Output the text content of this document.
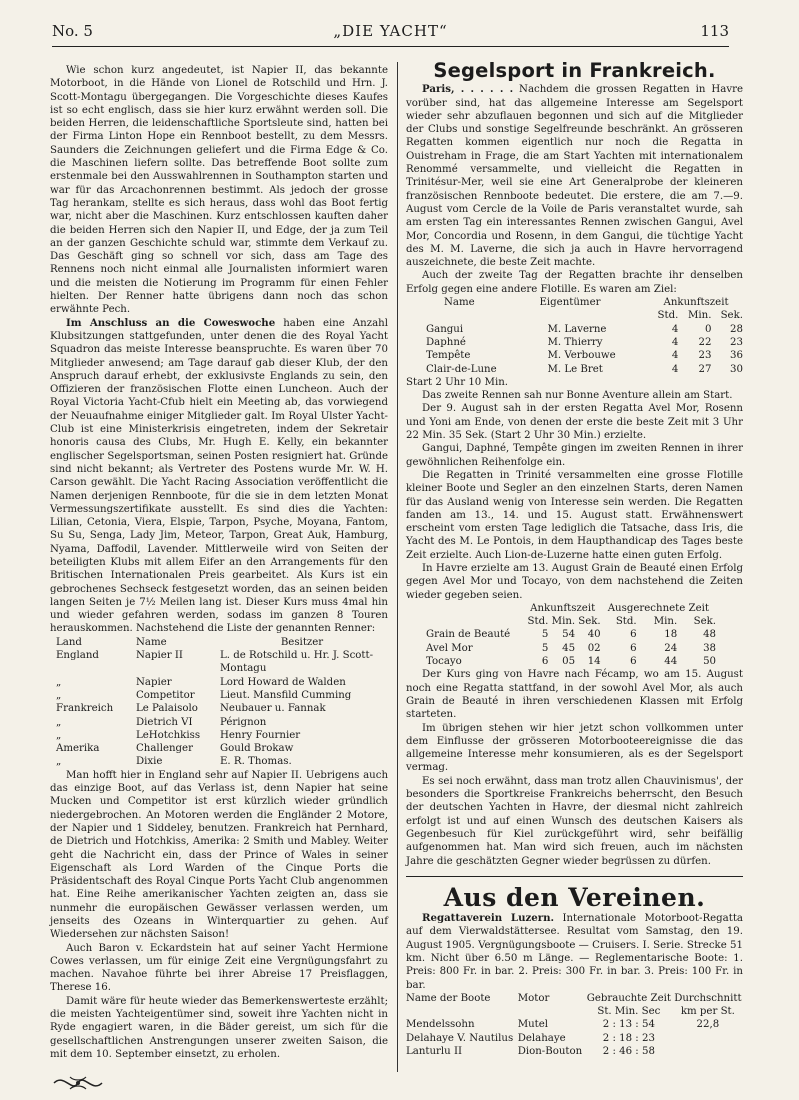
No. 5	„DIE YACHT“	113

Wie schon kurz angedeutet, ist Napier II, das bekannte Motorboot, in die Hände von Lionel de Rotschild und Hrn. J. Scott-Montagu übergegangen. Die Vorgeschichte dieses Kaufes ist so echt englisch, dass sie hier kurz erwähnt werden soll. Die beiden Herren, die leidenschaftliche Sportsleute sind, hatten bei der Firma Linton Hope ein Rennboot bestellt, zu dem Messrs. Saunders die Zeichnungen geliefert und die Firma Edge & Co. die Maschinen liefern sollte. Das betreffende Boot sollte zum erstenmale bei den Ausswahlrennen in Southampton starten und war für das Arcachonrennen bestimmt. Als jedoch der grosse Tag herankam, stellte es sich heraus, dass wohl das Boot fertig war, nicht aber die Maschinen. Kurz entschlossen kauften daher die beiden Herren sich den Napier II, und Edge, der ja zum Teil an der ganzen Geschichte schuld war, stimmte dem Verkauf zu. Das Geschäft ging so schnell vor sich, dass am Tage des Rennens noch nicht einmal alle Journalisten informiert waren und die meisten die Notierung im Programm für einen Fehler hielten. Der Renner hatte übrigens dann noch das schon erwähnte Pech.

Im Anschluss an die Coweswoche haben eine Anzahl Klubsitzungen stattgefunden, unter denen die des Royal Yacht Squadron das meiste Interesse beanspruchte. Es waren über 70 Mitglieder anwesend; am Tage darauf gab dieser Klub, der den Anspruch darauf erhebt, der exklusivste Englands zu sein, den Offizieren der französischen Flotte einen Luncheon. Auch der Royal Victoria Yacht-Cfub hielt ein Meeting ab, das vorwiegend der Neuaufnahme einiger Mitglieder galt. Im Royal Ulster Yacht-Club ist eine Ministerkrisis eingetreten, indem der Sekretair honoris causa des Clubs, Mr. Hugh E. Kelly, ein bekannter englischer Segelsportsman, seinen Posten resigniert hat. Gründe sind nicht bekannt; als Vertreter des Postens wurde Mr. W. H. Carson gewählt. Die Yacht Racing Association veröffentlicht die Namen derjenigen Rennboote, für die sie in dem letzten Monat Vermessungszertifikate ausstellt. Es sind dies die Yachten: Lilian, Cetonia, Viera, Elspie, Tarpon, Psyche, Moyana, Fantom, Su Su, Senga, Lady Jim, Meteor, Tarpon, Great Auk, Hamburg, Nyama, Daffodil, Lavender. Mittlerweile wird von Seiten der beteiligten Klubs mit allem Eifer an den Arrangements für den Britischen Internationalen Preis gearbeitet. Als Kurs ist ein gebrochenes Sechseck festgesetzt worden, das an seinen beiden langen Seiten je 7½ Meilen lang ist. Dieser Kurs muss 4mal hin und wieder gefahren werden, sodass im ganzen 8 Touren herauskommen. Nachstehend die Liste der genannten Renner:

Land	Name	Besitzer
England	Napier II	L. de Rotschild u. Hr. J. Scott-Montagu
„	Napier	Lord Howard de Walden
„	Competitor	Lieut. Mansfild Cumming
Frankreich	Le Palaisolo	Neubauer u. Fannak
„	Dietrich VI	Pérignon
„	LeHotchkiss	Henry Fournier
Amerika	Challenger	Gould Brokaw
„	Dixie	E. R. Thomas.

Man hofft hier in England sehr auf Napier II. Uebrigens auch das einzige Boot, auf das Verlass ist, denn Napier hat seine Mucken und Competitor ist erst kürzlich wieder gründlich niedergebrochen. An Motoren werden die Engländer 2 Motore, der Napier und 1 Siddeley, benutzen. Frankreich hat Pernhard, de Dietrich und Hotchkiss, Amerika: 2 Smith und Mabley. Weiter geht die Nachricht ein, dass der Prince of Wales in seiner Eigenschaft als Lord Warden of the Cinque Ports die Präsidentschaft des Royal Cinque Ports Yacht Club angenommen hat. Eine Reihe amerikanischer Yachten zeigten an, dass sie nunmehr die europäischen Gewässer verlassen werden, um jenseits des Ozeans in Winterquartier zu gehen. Auf Wiedersehen zur nächsten Saison!

Auch Baron v. Eckardstein hat auf seiner Yacht Hermione Cowes verlassen, um für einige Zeit eine Vergnügungsfahrt zu machen. Navahoe führte bei ihrer Abreise 17 Preisflaggen, Therese 16.

Damit wäre für heute wieder das Bemerkenswerteste erzählt; die meisten Yachteigentümer sind, soweit ihre Yachten nicht in Ryde engagiert waren, in die Bäder gereist, um sich für die gesellschaftlichen Anstrengungen unserer zweiten Saison, die mit dem 10. September einsetzt, zu erholen.

Segelsport in Frankreich.

Paris, . . . . . . Nachdem die grossen Regatten in Havre vorüber sind, hat das allgemeine Interesse am Segelsport wieder sehr abzuflauen begonnen und sich auf die Mitglieder der Clubs und sonstige Segelfreunde beschränkt. An grösseren Regatten kommen eigentlich nur noch die Regatta in Ouistreham in Frage, die am Start Yachten mit internationalem Renommé versammelte, und vielleicht die Regatten in Trinitésur-Mer, weil sie eine Art Generalprobe der kleineren französischen Rennboote bedeutet. Die erstere, die am 7.—9. August vom Cercle de la Voile de Paris veranstaltet wurde, sah am ersten Tag ein interessantes Rennen zwischen Gangui, Avel Mor, Concordia und Rosenn, in dem Gangui, die tüchtige Yacht des M. M. Laverne, die sich ja auch in Havre hervorragend auszeichnete, die beste Zeit machte.

Auch der zweite Tag der Regatten brachte ihr denselben Erfolg gegen eine andere Flotille. Es waren am Ziel:

Name	Eigentümer	Ankunftszeit		
		Std.	Min.	Sek.
Gangui	M. Laverne	4	0	28
Daphné	M. Thierry	4	22	23
Tempête	M. Verbouwe	4	23	36
Clair-de-Lune	M. Le Bret	4	27	30

Start 2 Uhr 10 Min.

Das zweite Rennen sah nur Bonne Aventure allein am Start.

Der 9. August sah in der ersten Regatta Avel Mor, Rosenn und Yoni am Ende, von denen der erste die beste Zeit mit 3 Uhr 22 Min. 35 Sek. (Start 2 Uhr 30 Min.) erzielte.

Gangui, Daphné, Tempête gingen im zweiten Rennen in ihrer gewöhnlichen Reihenfolge ein.

Die Regatten in Trinité versammelten eine grosse Flotille kleiner Boote und Segler an den einzelnen Starts, deren Namen für das Ausland wenig von Interesse sein werden. Die Regatten fanden am 13., 14. und 15. August statt. Erwähnenswert erscheint vom ersten Tage lediglich die Tatsache, dass Iris, die Yacht des M. Le Pontois, in dem Haupthandicap des Tages beste Zeit erzielte. Auch Lion-de-Luzerne hatte einen guten Erfolg.

In Havre erzielte am 13. August Grain de Beauté einen Erfolg gegen Avel Mor und Tocayo, von dem nachstehend die Zeiten wieder gegeben seien.

	Ankunftszeit			Ausgerechnete Zeit		
	Std.	Min.	Sek.	Std.	Min.	Sek.
Grain de Beauté	5	54	40	6	18	48
Avel Mor	5	45	02	6	24	38
Tocayo	6	05	14	6	44	50

Der Kurs ging von Havre nach Fécamp, wo am 15. August noch eine Regatta stattfand, in der sowohl Avel Mor, als auch Grain de Beauté in ihren verschiedenen Klassen mit Erfolg starteten.

Im übrigen stehen wir hier jetzt schon vollkommen unter dem Einflusse der grösseren Motorbooteereignisse die das allgemeine Interesse mehr konsumieren, als es der Segelsport vermag.

Es sei noch erwähnt, dass man trotz allen Chauvinismus', der besonders die Sportkreise Frankreichs beherrscht, den Besuch der deutschen Yachten in Havre, der diesmal nicht zahlreich erfolgt ist und auf einen Wunsch des deutschen Kaisers als Gegenbesuch für Kiel zurückgeführt wird, sehr beifällig aufgenommen hat. Man wird sich freuen, auch im nächsten Jahre die geschätzten Gegner wieder begrüssen zu dürfen.

Aus den Vereinen.

Regattaverein Luzern. Internationale Motorboot-Regatta auf dem Vierwaldstättersee. Resultat vom Samstag, den 19. August 1905. Vergnügungsboote — Cruisers. I. Serie. Strecke 51 km. Nicht über 6.50 m Länge. — Reglementarische Boote: 1. Preis: 800 Fr. in bar. 2. Preis: 300 Fr. in bar. 3. Preis: 100 Fr. in bar.

Name der Boote	Motor	Gebrauchte Zeit	Durchschnitt
		St. Min. Sec	km per St.
Mendelssohn	Mutel	2 : 13 : 54	22,8
Delahaye V. Nautilus	Delahaye	2 : 18 : 23	
Lanturlu II	Dion-Bouton	2 : 46 : 58	
